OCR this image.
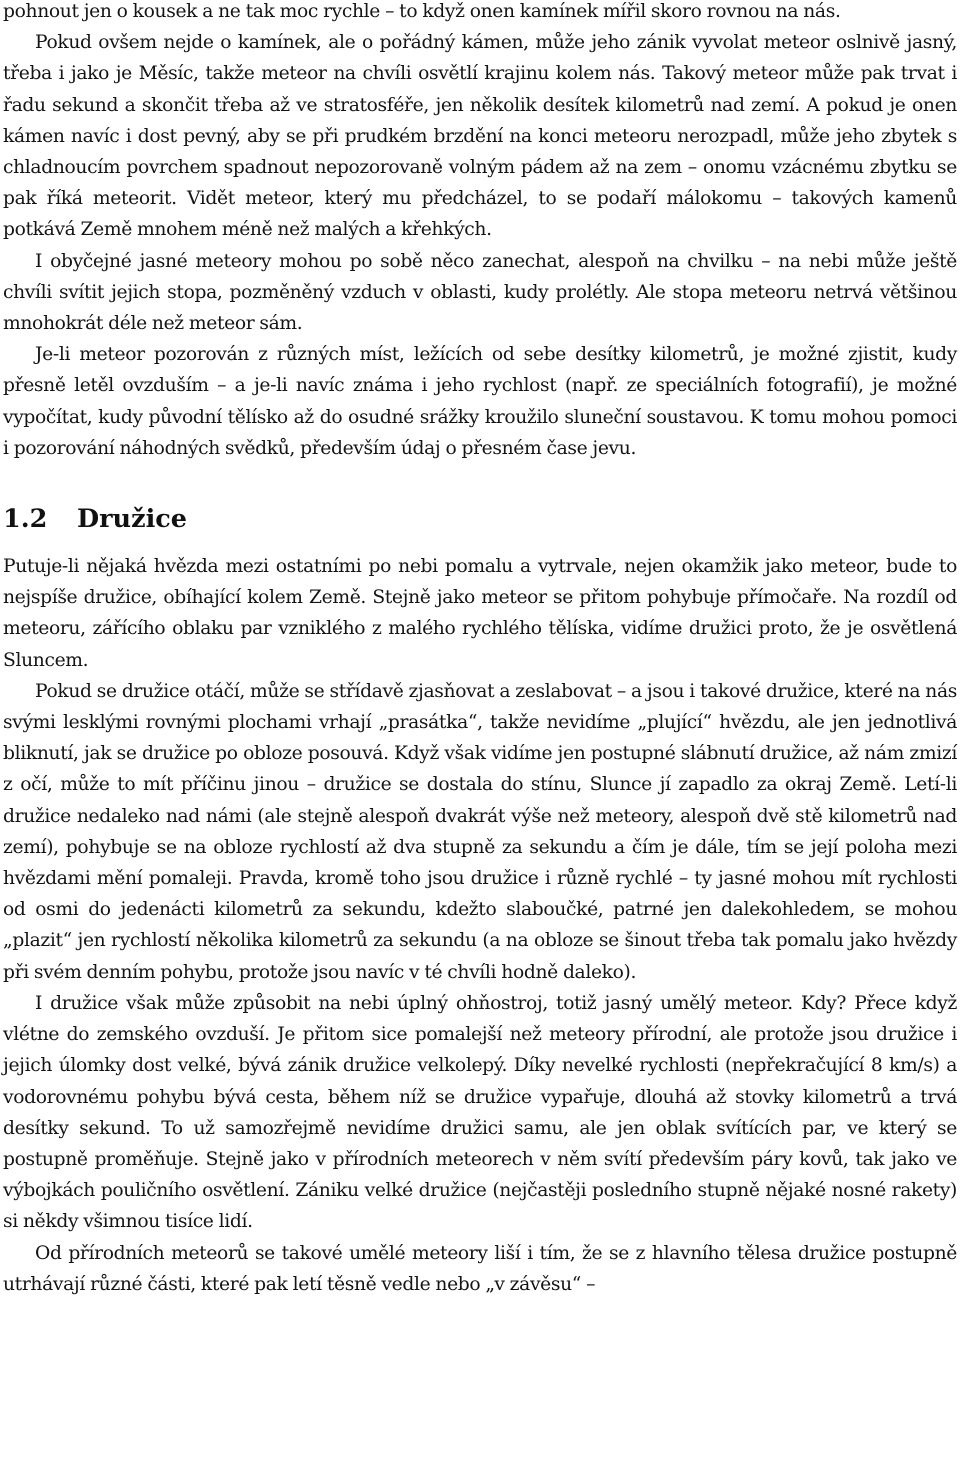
pohnout jen o kousek a ne tak moc rychle – to když onen kamínek mířil skoro rovnou na nás.

Pokud ovšem nejde o kamínek, ale o pořádný kámen, může jeho zánik vyvolat meteor oslnivě jasný, třeba i jako je Měsíc, takže meteor na chvíli osvětlí krajinu kolem nás. Takový meteor může pak trvat i řadu sekund a skončit třeba až ve stratosféře, jen několik desítek kilometrů nad zemí. A pokud je onen kámen navíc i dost pevný, aby se při prudkém brzdění na konci meteoru nerozpadl, může jeho zbytek s chladnoucím povrchem spadnout nepozorovaně volným pádem až na zem – onomu vzácnému zbytku se pak říká meteorit. Vidět meteor, který mu předcházel, to se podaří málokomu – takových kamenů potkává Země mnohem méně než malých a křehkých.

I obyčejné jasné meteory mohou po sobě něco zanechat, alespoň na chvilku – na nebi může ještě chvíli svítit jejich stopa, pozměněný vzduch v oblasti, kudy prolétly. Ale stopa meteoru netrvá většinou mnohokrát déle než meteor sám.

Je-li meteor pozorován z různých míst, ležících od sebe desítky kilometrů, je možné zjistit, kudy přesně letěl ovzduším – a je-li navíc známa i jeho rychlost (např. ze speciálních fotografií), je možné vypočítat, kudy původní tělísko až do osudné srážky kroužilo sluneční soustavou. K tomu mohou pomoci i pozorování náhodných svědků, především údaj o přesném čase jevu.

1.2 Družice

Putuje-li nějaká hvězda mezi ostatními po nebi pomalu a vytrvale, nejen okamžik jako meteor, bude to nejspíše družice, obíhající kolem Země. Stejně jako meteor se přitom pohybuje přímočaře. Na rozdíl od meteoru, zářícího oblaku par vzniklého z malého rychlého tělíska, vidíme družici proto, že je osvětlená Sluncem.

Pokud se družice otáčí, může se střídavě zjasňovat a zeslabovat – a jsou i takové družice, které na nás svými lesklými rovnými plochami vrhají „prasátka“, takže nevidíme „plující“ hvězdu, ale jen jednotlivá bliknutí, jak se družice po obloze posouvá. Když však vidíme jen postupné slábnutí družice, až nám zmizí z očí, může to mít příčinu jinou – družice se dostala do stínu, Slunce jí zapadlo za okraj Země. Letí-li družice nedaleko nad námi (ale stejně alespoň dvakrát výše než meteory, alespoň dvě stě kilometrů nad zemí), pohybuje se na obloze rychlostí až dva stupně za sekundu a čím je dále, tím se její poloha mezi hvězdami mění pomaleji. Pravda, kromě toho jsou družice i různě rychlé – ty jasné mohou mít rychlosti od osmi do jedenácti kilometrů za sekundu, kdežto slaboučké, patrné jen dalekohledem, se mohou „plazit“ jen rychlostí několika kilometrů za sekundu (a na obloze se šinout třeba tak pomalu jako hvězdy při svém denním pohybu, protože jsou navíc v té chvíli hodně daleko).

I družice však může způsobit na nebi úplný ohňostroj, totiž jasný umělý meteor. Kdy? Přece když vlétne do zemského ovzduší. Je přitom sice pomalejší než meteory přírodní, ale protože jsou družice i jejich úlomky dost velké, bývá zánik družice velkolepý. Díky nevelké rychlosti (nepřekračující 8 km/s) a vodorovnému pohybu bývá cesta, během níž se družice vypařuje, dlouhá až stovky kilometrů a trvá desítky sekund. To už samozřejmě nevidíme družici samu, ale jen oblak svítících par, ve který se postupně proměňuje. Stejně jako v přírodních meteorech v něm svítí především páry kovů, tak jako ve výbojkách pouličního osvětlení. Zániku velké družice (nejčastěji posledního stupně nějaké nosné rakety) si někdy všimnou tisíce lidí.

Od přírodních meteorů se takové umělé meteory liší i tím, že se z hlavního tělesa družice postupně utrhávají různé části, které pak letí těsně vedle nebo „v závěsu“ –
